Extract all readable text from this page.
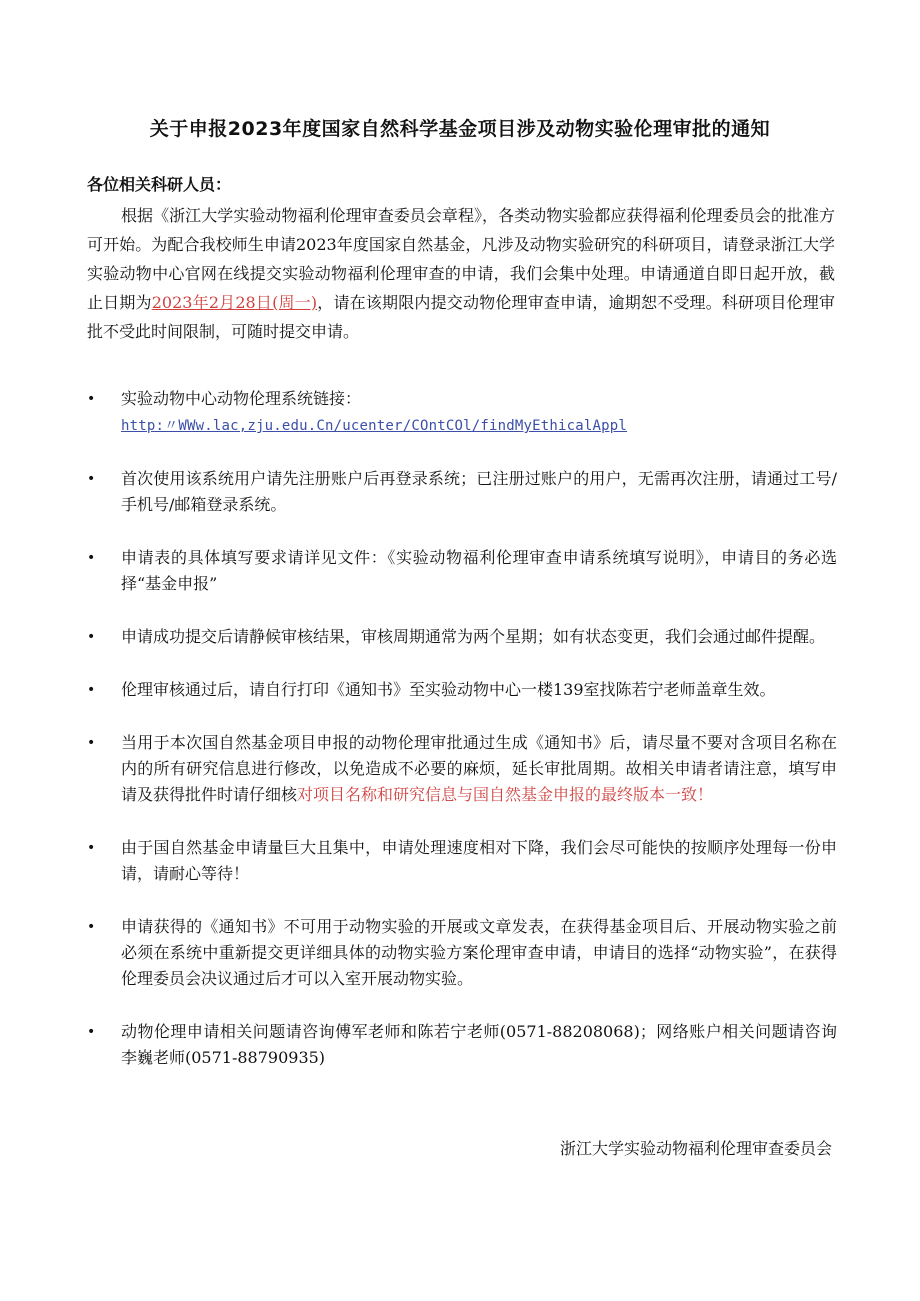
关于申报2023年度国家自然科学基金项目涉及动物实验伦理审批的通知
各位相关科研人员：

根据《浙江大学实验动物福利伦理审查委员会章程》，各类动物实验都应获得福利伦理委员会的批准方可开始。为配合我校师生申请2023年度国家自然基金，凡涉及动物实验研究的科研项目，请登录浙江大学实验动物中心官网在线提交实验动物福利伦理审查的申请，我们会集中处理。申请通道自即日起开放，截止日期为2023年2月28日(周一)，请在该期限内提交动物伦理审查申请，逾期恕不受理。科研项目伦理审批不受此时间限制，可随时提交申请。

•	实验动物中心动物伦理系统链接：
http:〃WWw.lac,zju.edu.Cn/ucenter/COntCOl/findMyEthicalAppl
•	首次使用该系统用户请先注册账户后再登录系统；已注册过账户的用户，无需再次注册，请通过工号/手机号/邮箱登录系统。
•	申请表的具体填写要求请详见文件：《实验动物福利伦理审查申请系统填写说明》，申请目的务必选择“基金申报”
•	申请成功提交后请静候审核结果，审核周期通常为两个星期；如有状态变更，我们会通过邮件提醒。
•	伦理审核通过后，请自行打印《通知书》至实验动物中心一楼139室找陈若宁老师盖章生效。
•	当用于本次国自然基金项目申报的动物伦理审批通过生成《通知书》后，请尽量不要对含项目名称在内的所有研究信息进行修改，以免造成不必要的麻烦，延长审批周期。故相关申请者请注意，填写申请及获得批件时请仔细核对项目名称和研究信息与国自然基金申报的最终版本一致！
•	由于国自然基金申请量巨大且集中，申请处理速度相对下降，我们会尽可能快的按顺序处理每一份申请，请耐心等待！
•	申请获得的《通知书》不可用于动物实验的开展或文章发表，在获得基金项目后、开展动物实验之前必须在系统中重新提交更详细具体的动物实验方案伦理审查申请，申请目的选择“动物实验”，在获得伦理委员会决议通过后才可以入室开展动物实验。
•	动物伦理申请相关问题请咨询傅军老师和陈若宁老师(0571-88208068)；网络账户相关问题请咨询李巍老师(0571-88790935)
浙江大学实验动物福利伦理审查委员会
